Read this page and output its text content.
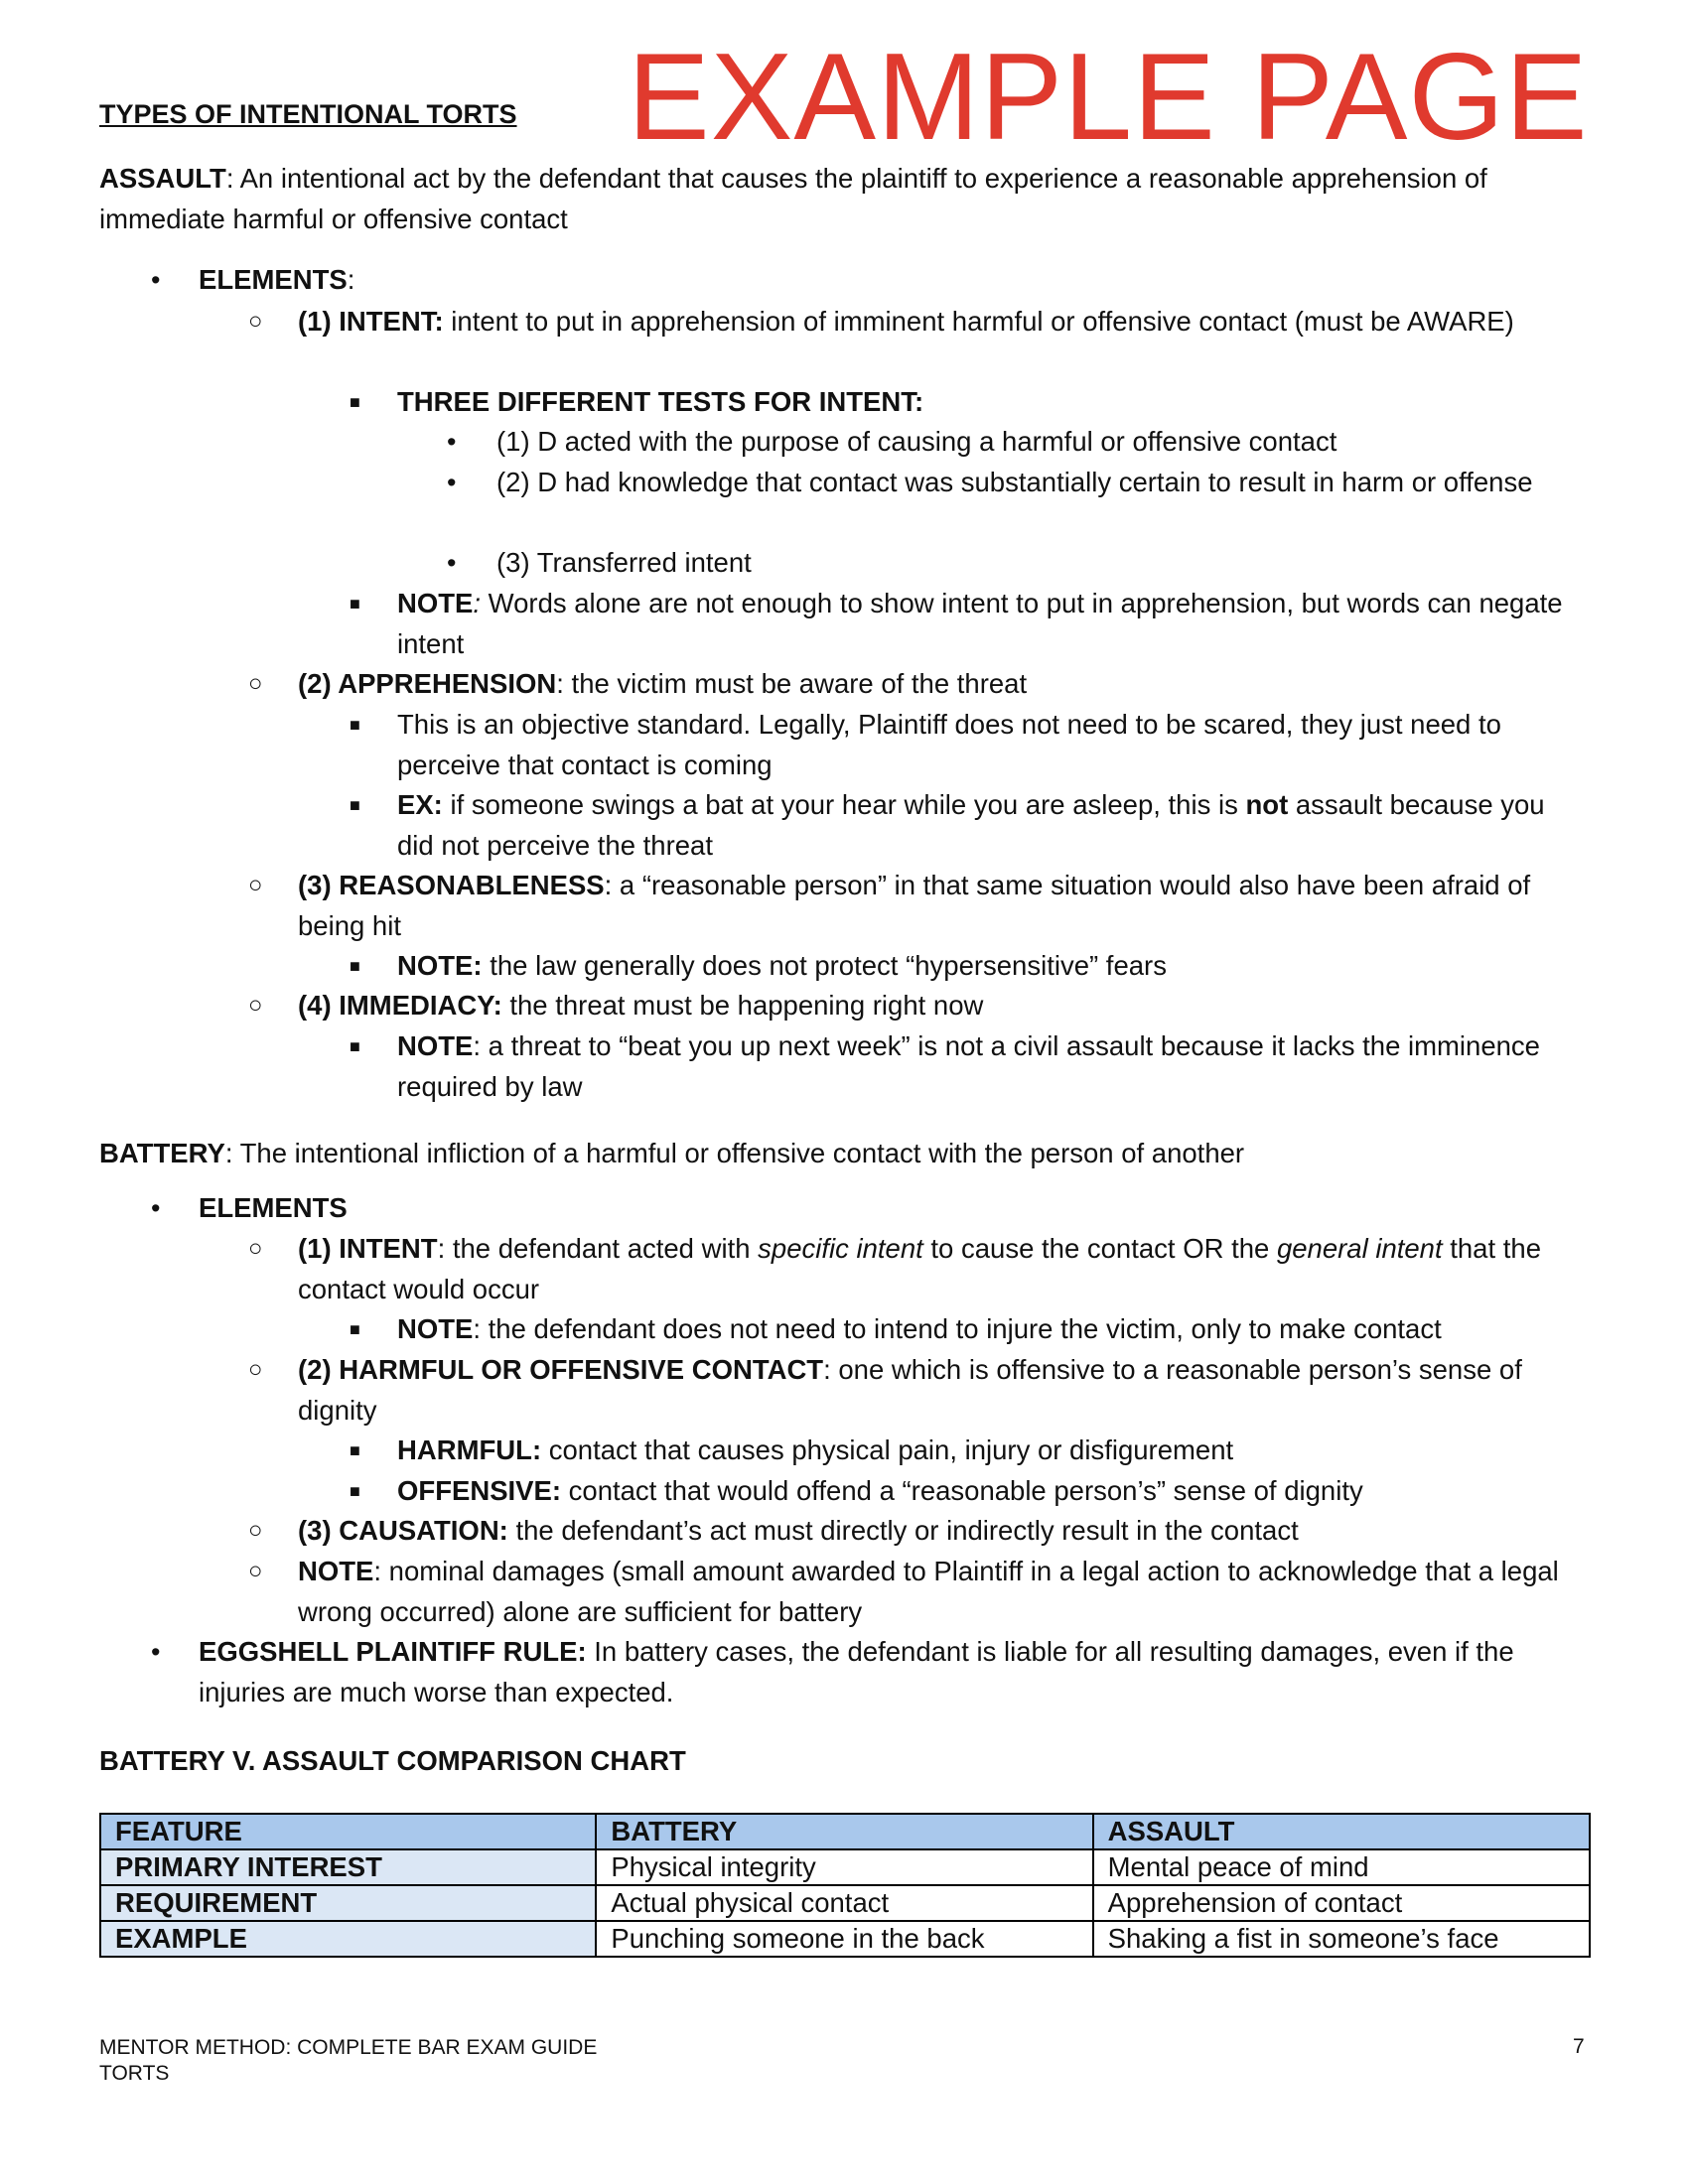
TYPES OF INTENTIONAL TORTS EXAMPLE PAGE
ASSAULT: An intentional act by the defendant that causes the plaintiff to experience a reasonable apprehension of immediate harmful or offensive contact
• ELEMENTS:
○ (1) INTENT: intent to put in apprehension of imminent harmful or offensive contact (must be AWARE)
■ THREE DIFFERENT TESTS FOR INTENT:
• (1) D acted with the purpose of causing a harmful or offensive contact
• (2) D had knowledge that contact was substantially certain to result in harm or offense
• (3) Transferred intent
■ NOTE: Words alone are not enough to show intent to put in apprehension, but words can negate intent
○ (2) APPREHENSION: the victim must be aware of the threat
■ This is an objective standard. Legally, Plaintiff does not need to be scared, they just need to perceive that contact is coming
■ EX: if someone swings a bat at your hear while you are asleep, this is not assault because you did not perceive the threat
○ (3) REASONABLENESS: a “reasonable person” in that same situation would also have been afraid of being hit
■ NOTE: the law generally does not protect “hypersensitive” fears
○ (4) IMMEDIACY: the threat must be happening right now
■ NOTE: a threat to “beat you up next week” is not a civil assault because it lacks the imminence required by law
BATTERY: The intentional infliction of a harmful or offensive contact with the person of another
• ELEMENTS
○ (1) INTENT: the defendant acted with specific intent to cause the contact OR the general intent that the contact would occur
■ NOTE: the defendant does not need to intend to injure the victim, only to make contact
○ (2) HARMFUL OR OFFENSIVE CONTACT: one which is offensive to a reasonable person’s sense of dignity
■ HARMFUL: contact that causes physical pain, injury or disfigurement
■ OFFENSIVE: contact that would offend a “reasonable person’s” sense of dignity
○ (3) CAUSATION: the defendant’s act must directly or indirectly result in the contact
○ NOTE: nominal damages (small amount awarded to Plaintiff in a legal action to acknowledge that a legal wrong occurred) alone are sufficient for battery
• EGGSHELL PLAINTIFF RULE: In battery cases, the defendant is liable for all resulting damages, even if the injuries are much worse than expected.
BATTERY V. ASSAULT COMPARISON CHART
FEATURE	BATTERY	ASSAULT
PRIMARY INTEREST	Physical integrity	Mental peace of mind
REQUIREMENT	Actual physical contact	Apprehension of contact
EXAMPLE	Punching someone in the back	Shaking a fist in someone’s face
MENTOR METHOD: COMPLETE BAR EXAM GUIDE
TORTS
7
